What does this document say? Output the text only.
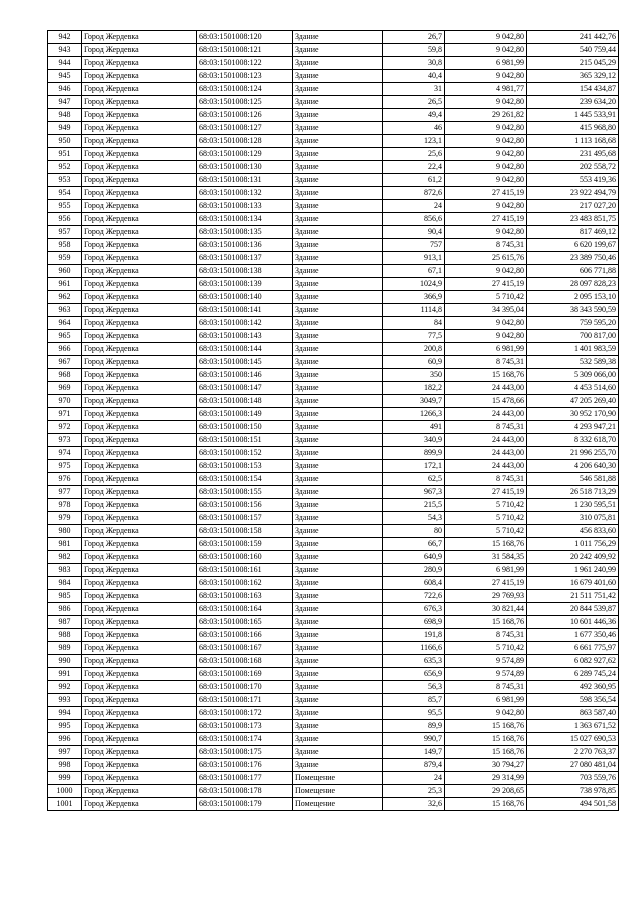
942	Город Жердевка	68:03:1501008:120	Здание	26,7	9 042,80	241 442,76
943	Город Жердевка	68:03:1501008:121	Здание	59,8	9 042,80	540 759,44
944	Город Жердевка	68:03:1501008:122	Здание	30,8	6 981,99	215 045,29
945	Город Жердевка	68:03:1501008:123	Здание	40,4	9 042,80	365 329,12
946	Город Жердевка	68:03:1501008:124	Здание	31	4 981,77	154 434,87
947	Город Жердевка	68:03:1501008:125	Здание	26,5	9 042,80	239 634,20
948	Город Жердевка	68:03:1501008:126	Здание	49,4	29 261,82	1 445 533,91
949	Город Жердевка	68:03:1501008:127	Здание	46	9 042,80	415 968,80
950	Город Жердевка	68:03:1501008:128	Здание	123,1	9 042,80	1 113 168,68
951	Город Жердевка	68:03:1501008:129	Здание	25,6	9 042,80	231 495,68
952	Город Жердевка	68:03:1501008:130	Здание	22,4	9 042,80	202 558,72
953	Город Жердевка	68:03:1501008:131	Здание	61,2	9 042,80	553 419,36
954	Город Жердевка	68:03:1501008:132	Здание	872,6	27 415,19	23 922 494,79
955	Город Жердевка	68:03:1501008:133	Здание	24	9 042,80	217 027,20
956	Город Жердевка	68:03:1501008:134	Здание	856,6	27 415,19	23 483 851,75
957	Город Жердевка	68:03:1501008:135	Здание	90,4	9 042,80	817 469,12
958	Город Жердевка	68:03:1501008:136	Здание	757	8 745,31	6 620 199,67
959	Город Жердевка	68:03:1501008:137	Здание	913,1	25 615,76	23 389 750,46
960	Город Жердевка	68:03:1501008:138	Здание	67,1	9 042,80	606 771,88
961	Город Жердевка	68:03:1501008:139	Здание	1024,9	27 415,19	28 097 828,23
962	Город Жердевка	68:03:1501008:140	Здание	366,9	5 710,42	2 095 153,10
963	Город Жердевка	68:03:1501008:141	Здание	1114,8	34 395,04	38 343 590,59
964	Город Жердевка	68:03:1501008:142	Здание	84	9 042,80	759 595,20
965	Город Жердевка	68:03:1501008:143	Здание	77,5	9 042,80	700 817,00
966	Город Жердевка	68:03:1501008:144	Здание	200,8	6 981,99	1 401 983,59
967	Город Жердевка	68:03:1501008:145	Здание	60,9	8 745,31	532 589,38
968	Город Жердевка	68:03:1501008:146	Здание	350	15 168,76	5 309 066,00
969	Город Жердевка	68:03:1501008:147	Здание	182,2	24 443,00	4 453 514,60
970	Город Жердевка	68:03:1501008:148	Здание	3049,7	15 478,66	47 205 269,40
971	Город Жердевка	68:03:1501008:149	Здание	1266,3	24 443,00	30 952 170,90
972	Город Жердевка	68:03:1501008:150	Здание	491	8 745,31	4 293 947,21
973	Город Жердевка	68:03:1501008:151	Здание	340,9	24 443,00	8 332 618,70
974	Город Жердевка	68:03:1501008:152	Здание	899,9	24 443,00	21 996 255,70
975	Город Жердевка	68:03:1501008:153	Здание	172,1	24 443,00	4 206 640,30
976	Город Жердевка	68:03:1501008:154	Здание	62,5	8 745,31	546 581,88
977	Город Жердевка	68:03:1501008:155	Здание	967,3	27 415,19	26 518 713,29
978	Город Жердевка	68:03:1501008:156	Здание	215,5	5 710,42	1 230 595,51
979	Город Жердевка	68:03:1501008:157	Здание	54,3	5 710,42	310 075,81
980	Город Жердевка	68:03:1501008:158	Здание	80	5 710,42	456 833,60
981	Город Жердевка	68:03:1501008:159	Здание	66,7	15 168,76	1 011 756,29
982	Город Жердевка	68:03:1501008:160	Здание	640,9	31 584,35	20 242 409,92
983	Город Жердевка	68:03:1501008:161	Здание	280,9	6 981,99	1 961 240,99
984	Город Жердевка	68:03:1501008:162	Здание	608,4	27 415,19	16 679 401,60
985	Город Жердевка	68:03:1501008:163	Здание	722,6	29 769,93	21 511 751,42
986	Город Жердевка	68:03:1501008:164	Здание	676,3	30 821,44	20 844 539,87
987	Город Жердевка	68:03:1501008:165	Здание	698,9	15 168,76	10 601 446,36
988	Город Жердевка	68:03:1501008:166	Здание	191,8	8 745,31	1 677 350,46
989	Город Жердевка	68:03:1501008:167	Здание	1166,6	5 710,42	6 661 775,97
990	Город Жердевка	68:03:1501008:168	Здание	635,3	9 574,89	6 082 927,62
991	Город Жердевка	68:03:1501008:169	Здание	656,9	9 574,89	6 289 745,24
992	Город Жердевка	68:03:1501008:170	Здание	56,3	8 745,31	492 360,95
993	Город Жердевка	68:03:1501008:171	Здание	85,7	6 981,99	598 356,54
994	Город Жердевка	68:03:1501008:172	Здание	95,5	9 042,80	863 587,40
995	Город Жердевка	68:03:1501008:173	Здание	89,9	15 168,76	1 363 671,52
996	Город Жердевка	68:03:1501008:174	Здание	990,7	15 168,76	15 027 690,53
997	Город Жердевка	68:03:1501008:175	Здание	149,7	15 168,76	2 270 763,37
998	Город Жердевка	68:03:1501008:176	Здание	879,4	30 794,27	27 080 481,04
999	Город Жердевка	68:03:1501008:177	Помещение	24	29 314,99	703 559,76
1000	Город Жердевка	68:03:1501008:178	Помещение	25,3	29 208,65	738 978,85
1001	Город Жердевка	68:03:1501008:179	Помещение	32,6	15 168,76	494 501,58
